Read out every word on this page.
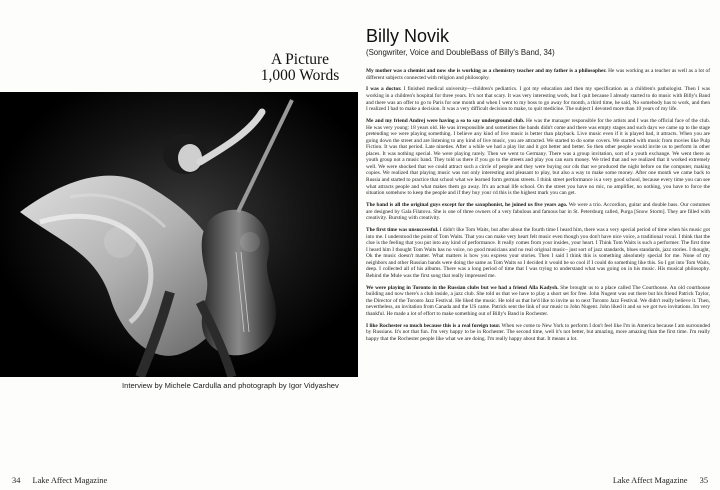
A Picture
1,000 Words
Interview by Michele Cardulla and photograph by Igor Vidyashev
34 Lake Affect Magazine
Billy Novik
(Songwriter, Voice and DoubleBass of Billy's Band, 34)

My mother was a chemist and now she is working as a chemistry teacher and my father is a philosopher. He was working as a teacher as well as a lot of different subjects connected with religion and philosophy.

I was a doctor. I finished medical university—children's pediatrics. I got my education and then my specification as a children's pathologist. Then I was working in a children's hospital for three years. It's not that scary. It was very interesting work, but I quit because I already started to do music with Billy's Band and there was an offer to go to Paris for one month and when I went to my boss to go away for month, a third time, he said, No somebody has to work, and then I realized I had to make a decision. It was a very difficult decision to make, to quit medicine. The subject I devoted more than 10 years of my life.

Me and my friend Andrej were having a so to say underground club. He was the manager responsible for the artists and I was the official face of the club. He was very young: 18 years old. He was irresponsible and sometimes the bands didn't come and there was empty stages and such days we came up to the stage pretending we were playing something. I believe any kind of live music is better than playback. Live music even if it is played bad, it attracts. When you are going down the street and are listening to any kind of live music, you are attracted. We started to do some covers. We started with music from movies like Pulp Fiction. It was that period. Late nineties. After a while we had a play list and it got better and better. So then other people would invite us to perform in other places. It was nothing special. We were playing rarely. Then we went to Germany. There was a group invitation, sort of a youth exchange. We went there as youth group not a music band. They told us there if you go to the streets and play you can earn money. We tried that and we realized that it worked extremely well. We were shocked that we could attract such a circle of people and they were buying our cds that we produced the night before on the computer, making copies. We realized that playing music was not only interesting and pleasant to play, but also a way to make some money. After one month we came back to Russia and started to practice that school what we learned form german streets. I think street performance is a very good school, because every time you can see what attracts people and what makes them go away. It's an actual life school. On the street you have no mic, no amplifier, no nothing, you have to force the situation somehow to keep the people and if they buy your cd this is the highest mark you can get.

The band is all the original guys except for the saxophonist, he joined us five years ago. We were a trio. Accordion, guitar and double bass. Our costumes are designed by Gala Filatova. She is one of three owners of a very fabulous and famous bar in St. Petersburg called, Purga [Snow Storm]. They are filled with creativity. Bursting with creativity.

The first time was unsuccessful. I didn't like Tom Waits, but after about the fourth time I heard him, there was a very special period of time when his music got into me. I understood the point of Tom Waits. That you can make very heart felt music even though you don't have nice voice, a traditional vocal. I think that the clue is the feeling that you put into any kind of performance. It really comes from your insides, your heart. I Think Tom Waits is such a performer. The first time I heard him I thought Tom Waits has no voice, no good musicians and no real original music– just sort of jazz standards, blues standards, jazz stories. I thought, Ok the music doesn't matter. What matters is how you express your stories. Then I said I think this is something absolutely special for me. None of my neighbors and other Russian bands were doing the same as Tom Waits so I decided it would be so cool if I could do something like this. So I got into Tom Waits, deep. I collected all of his albums. There was a long period of time that I was trying to understand what was going on in his music. His musical philosophy. Behind the Mule was the first song that really impressed me.

We were playing in Toronto in the Russian clubs but we had a friend Alla Kadysh. She brought us to a place called The Courthouse. An old courthouse building and now there's a club inside, a jazz club. She told us that we have to play a short set for free. John Nugent was out there but his friend Patrick Taylor, the Director of the Toronto Jazz Festival. He liked the music. He told us that he'd like to invite us to next Toronto Jazz Festival. We didn't really believe it. Then, nevertheless, an invitation from Canada and the US came. Patrick sent the link of our music to John Nugent. John liked it and so we got two invitations. Im very thankful. He made a lot of effort to make something out of Billy's Band in Rochester.

I like Rochester so much because this is a real foreign tour. When we come to New York to perform I don't feel like I'm in America because I am surrounded by Russians. It's not that fun. I'm very happy to be in Rochester. The second time, well it's not better, but amazing, more amazing than the first time. I'm really happy that the Rochester people like what we are doing. I'm really happy about that. It means a lot.

Lake Affect Magazine 35
